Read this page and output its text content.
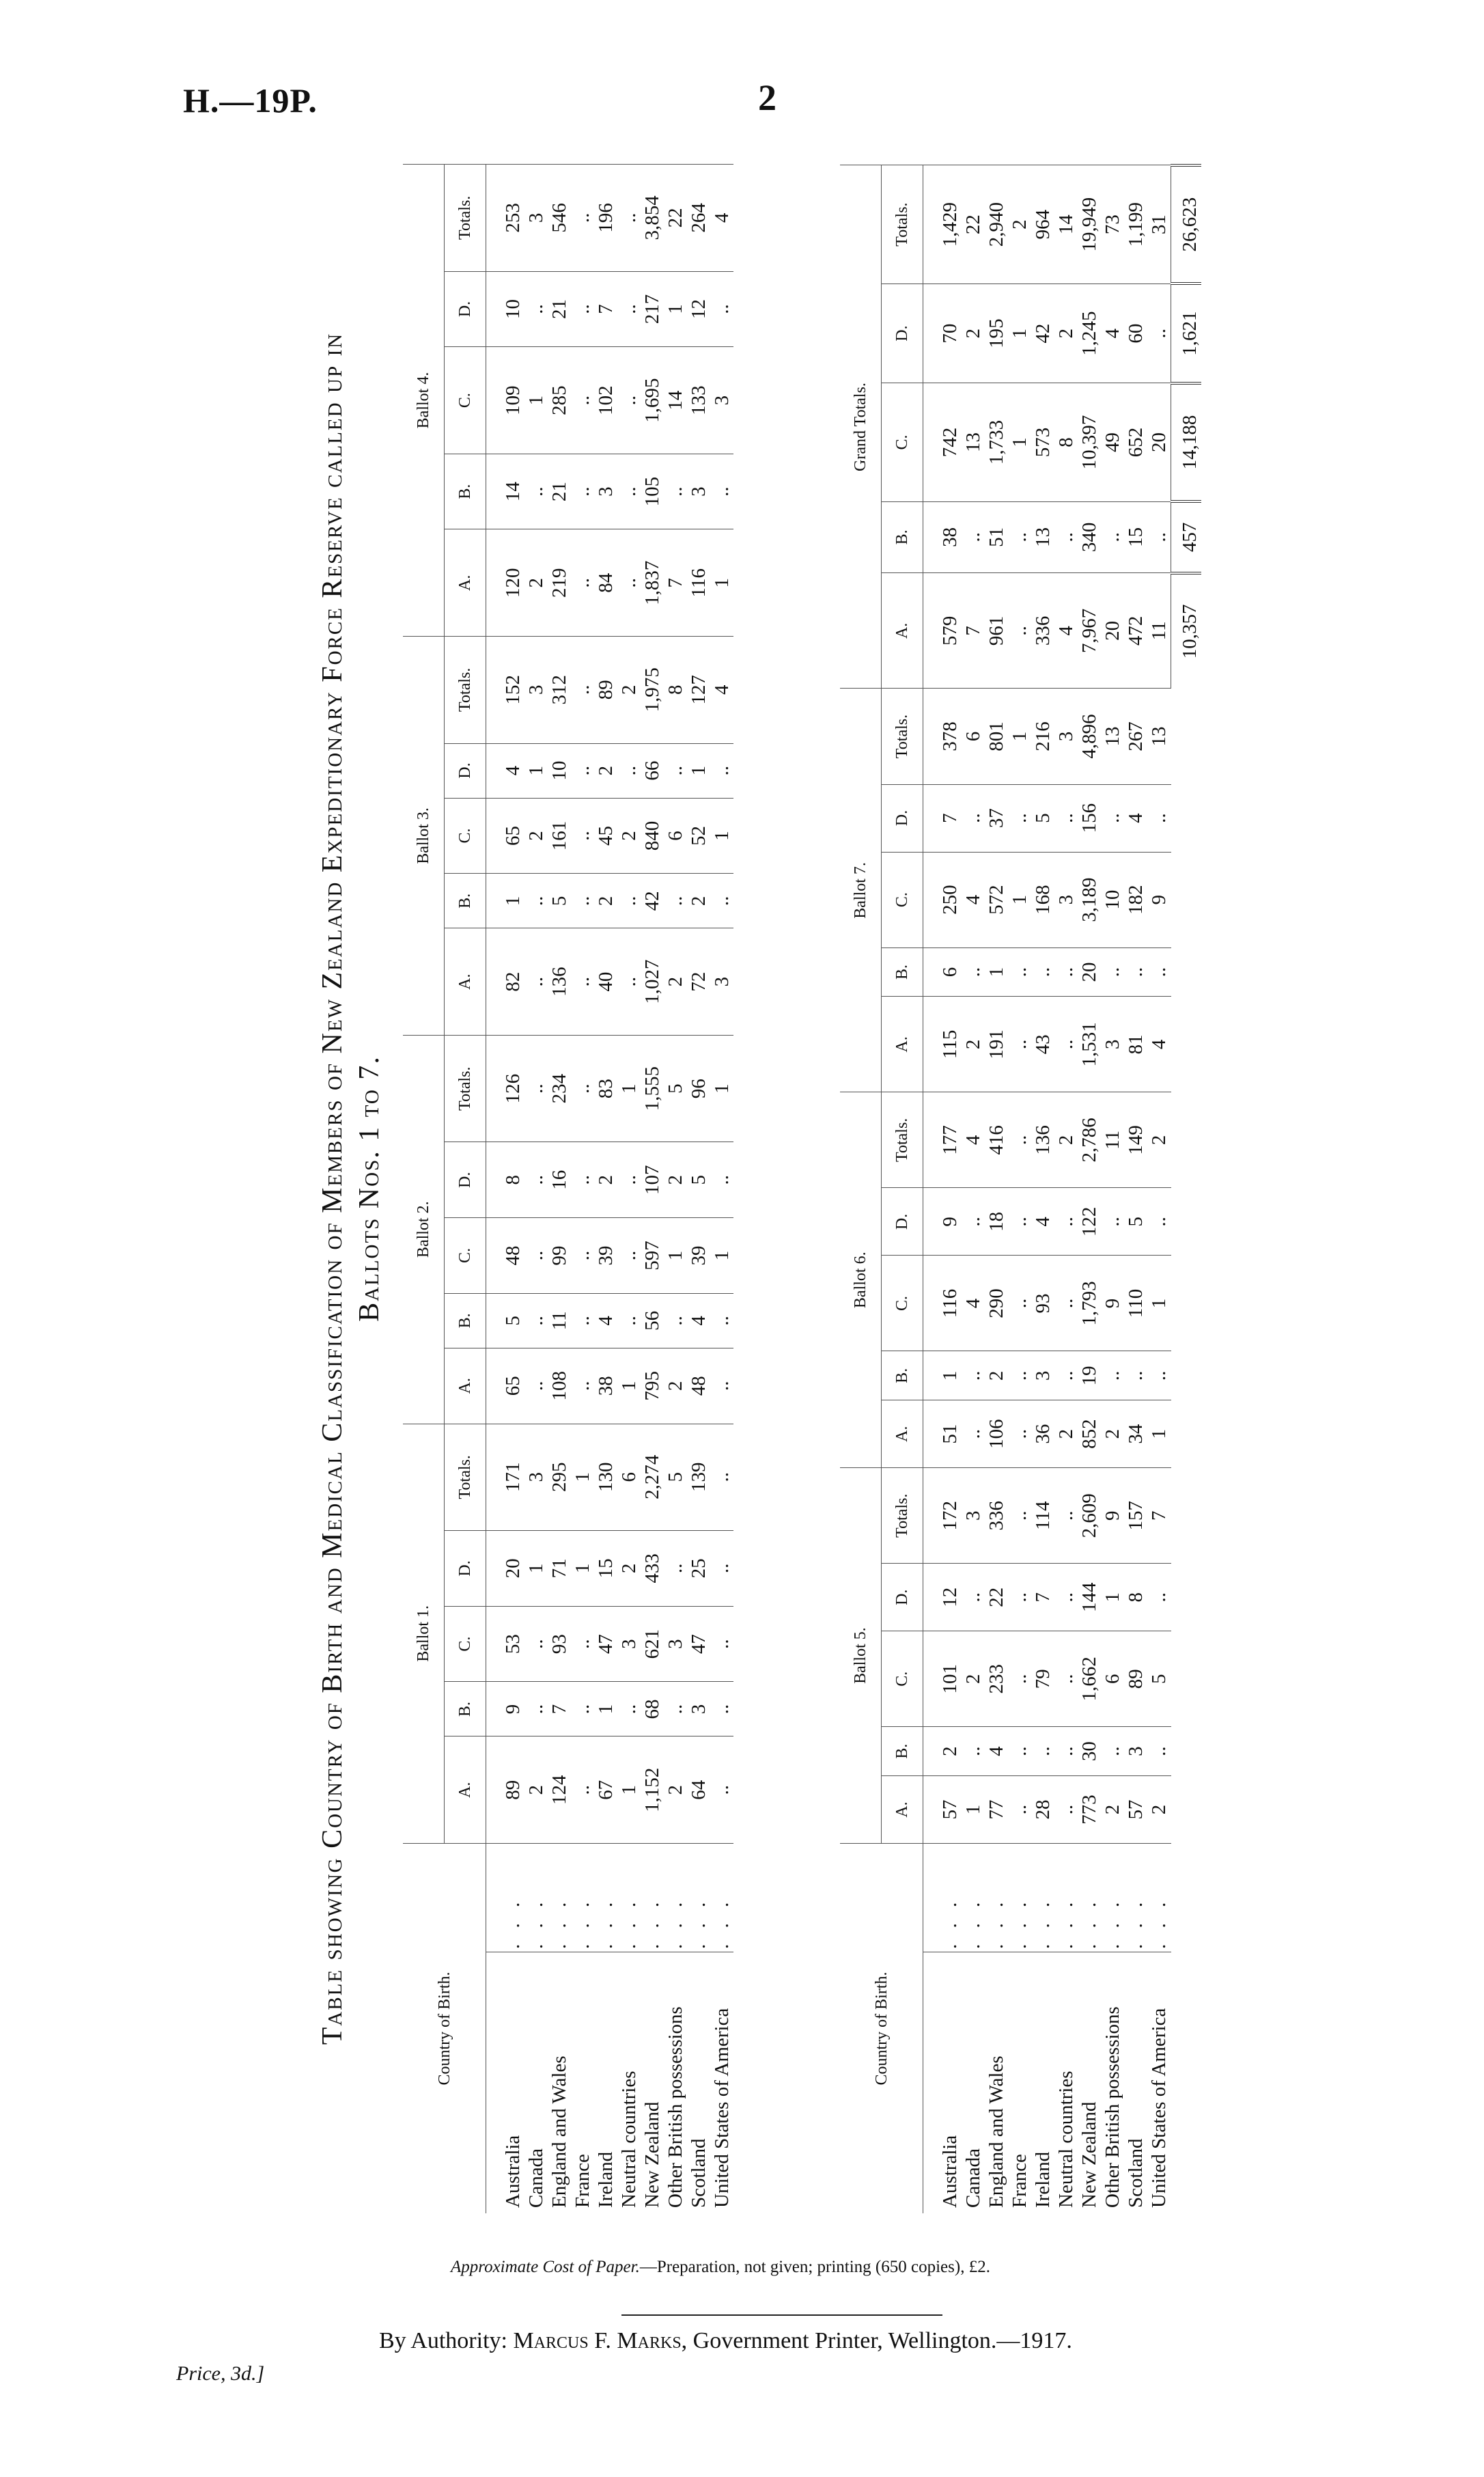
H.—19P.	2
Table showing Country of Birth and Medical Classification of Members of New Zealand Expeditionary Force Reserve called up in Ballots Nos. 1 to 7.
Country of Birth.		Ballot 1.					Ballot 2.					Ballot 3.					Ballot 4.				
		A.	B.	C.	D.	Totals.	A.	B.	C.	D.	Totals.	A.	B.	C.	D.	Totals.	A.	B.	C.	D.	Totals.
Australia	. . .	89	9	53	20	171	65	5	48	8	126	82	1	65	4	152	120	14	109	10	253
Canada	. . .	2	..	..	1	3	..	..	..	..	..	..	..	2	1	3	2	..	1	..	3
England and Wales	. . .	124	7	93	71	295	108	11	99	16	234	136	5	161	10	312	219	21	285	21	546
France	. . .	..	..	..	1	1	..	..	..	..	..	..	..	..	..	..	..	..	..	..	..
Ireland	. . .	67	1	47	15	130	38	4	39	2	83	40	2	45	2	89	84	3	102	7	196
Neutral countries	. . .	1	..	3	2	6	1	..	..	..	1	..	..	2	..	2	..	..	..	..	..
New Zealand	. . .	1,152	68	621	433	2,274	795	56	597	107	1,555	1,027	42	840	66	1,975	1,837	105	1,695	217	3,854
Other British possessions	. . .	2	..	3	..	5	2	..	1	2	5	2	..	6	..	8	7	..	14	1	22
Scotland	. . .	64	3	47	25	139	48	4	39	5	96	72	2	52	1	127	116	3	133	12	264
United States of America	. . .	..	..	..	..	..	..	..	1	..	1	3	..	1	..	4	1	..	3	..	4
Country of Birth.		Ballot 5.					Ballot 6.					Ballot 7.					Grand Totals.				
		A.	B.	C.	D.	Totals.	A.	B.	C.	D.	Totals.	A.	B.	C.	D.	Totals.	A.	B.	C.	D.	Totals.
Australia	. . .	57	2	101	12	172	51	1	116	9	177	115	6	250	7	378	579	38	742	70	1,429
Canada	. . .	1	..	2	..	3	..	..	4	..	4	2	..	4	..	6	7	..	13	2	22
England and Wales	. . .	77	4	233	22	336	106	2	290	18	416	191	1	572	37	801	961	51	1,733	195	2,940
France	. . .	..	..	..	..	..	..	..	..	..	..	..	..	1	..	1	..	..	1	1	2
Ireland	. . .	28	..	79	7	114	36	3	93	4	136	43	..	168	5	216	336	13	573	42	964
Neutral countries	. . .	..	..	..	..	..	2	..	..	..	2	..	..	3	..	3	4	..	8	2	14
New Zealand	. . .	773	30	1,662	144	2,609	852	19	1,793	122	2,786	1,531	20	3,189	156	4,896	7,967	340	10,397	1,245	19,949
Other British possessions	. . .	2	..	6	1	9	2	..	9	..	11	3	..	10	..	13	20	..	49	4	73
Scotland	. . .	57	3	89	8	157	34	..	110	5	149	81	..	182	4	267	472	15	652	60	1,199
United States of America	. . .	2	..	5	..	7	1	..	1	..	2	4	..	9	..	13	11	..	20	..	31
																	10,357	457	14,188	1,621	26,623
Approximate Cost of Paper.—Preparation, not given; printing (650 copies), £2.
By Authority: Marcus F. Marks, Government Printer, Wellington.—1917.
Price, 3d.]
